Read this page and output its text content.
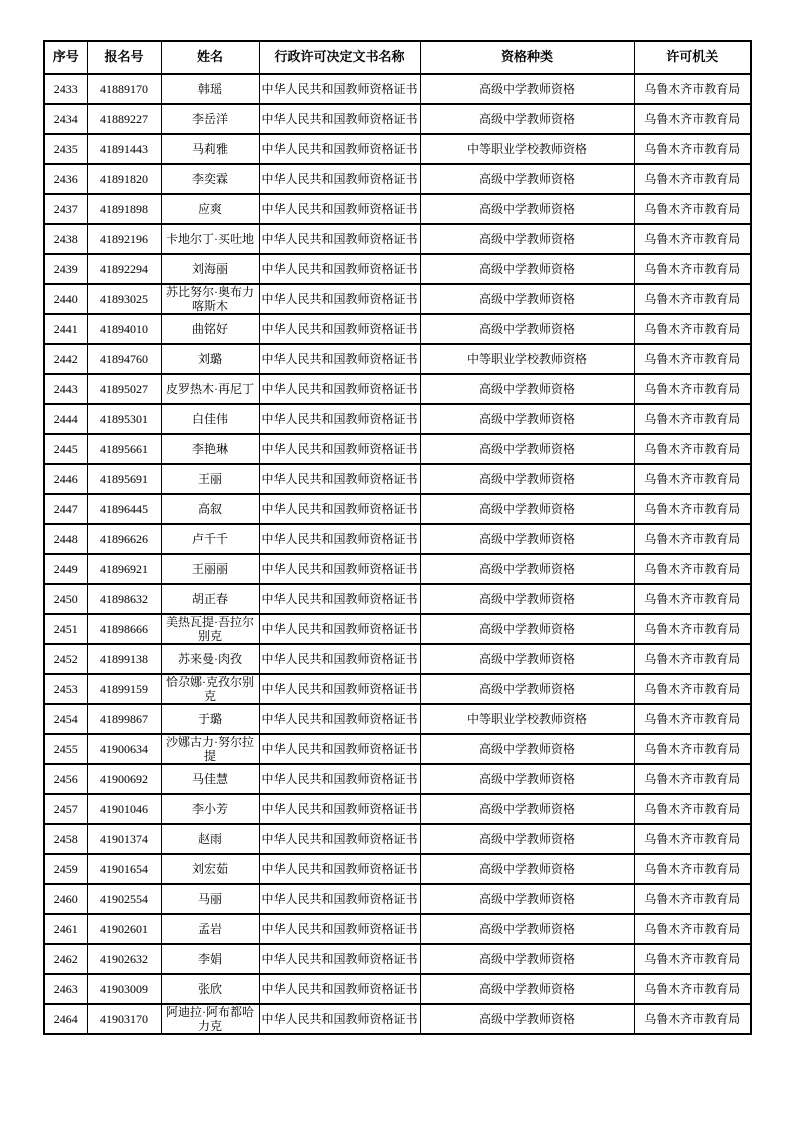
序号	报名号	姓名	行政许可决定文书名称	资格种类	许可机关
2433	41889170	韩瑶	中华人民共和国教师资格证书	高级中学教师资格	乌鲁木齐市教育局
2434	41889227	李岳洋	中华人民共和国教师资格证书	高级中学教师资格	乌鲁木齐市教育局
2435	41891443	马莉雅	中华人民共和国教师资格证书	中等职业学校教师资格	乌鲁木齐市教育局
2436	41891820	李奕霖	中华人民共和国教师资格证书	高级中学教师资格	乌鲁木齐市教育局
2437	41891898	应爽	中华人民共和国教师资格证书	高级中学教师资格	乌鲁木齐市教育局
2438	41892196	卡地尔丁·买吐地	中华人民共和国教师资格证书	高级中学教师资格	乌鲁木齐市教育局
2439	41892294	刘海丽	中华人民共和国教师资格证书	高级中学教师资格	乌鲁木齐市教育局
2440	41893025	苏比努尔·奥布力喀斯木	中华人民共和国教师资格证书	高级中学教师资格	乌鲁木齐市教育局
2441	41894010	曲铭好	中华人民共和国教师资格证书	高级中学教师资格	乌鲁木齐市教育局
2442	41894760	刘璐	中华人民共和国教师资格证书	中等职业学校教师资格	乌鲁木齐市教育局
2443	41895027	皮罗热木·再尼丁	中华人民共和国教师资格证书	高级中学教师资格	乌鲁木齐市教育局
2444	41895301	白佳伟	中华人民共和国教师资格证书	高级中学教师资格	乌鲁木齐市教育局
2445	41895661	李艳琳	中华人民共和国教师资格证书	高级中学教师资格	乌鲁木齐市教育局
2446	41895691	王丽	中华人民共和国教师资格证书	高级中学教师资格	乌鲁木齐市教育局
2447	41896445	高叙	中华人民共和国教师资格证书	高级中学教师资格	乌鲁木齐市教育局
2448	41896626	卢千千	中华人民共和国教师资格证书	高级中学教师资格	乌鲁木齐市教育局
2449	41896921	王丽丽	中华人民共和国教师资格证书	高级中学教师资格	乌鲁木齐市教育局
2450	41898632	胡正春	中华人民共和国教师资格证书	高级中学教师资格	乌鲁木齐市教育局
2451	41898666	美热瓦提·吾拉尔别克	中华人民共和国教师资格证书	高级中学教师资格	乌鲁木齐市教育局
2452	41899138	苏来曼·肉孜	中华人民共和国教师资格证书	高级中学教师资格	乌鲁木齐市教育局
2453	41899159	恰尕娜·克孜尔别克	中华人民共和国教师资格证书	高级中学教师资格	乌鲁木齐市教育局
2454	41899867	于璐	中华人民共和国教师资格证书	中等职业学校教师资格	乌鲁木齐市教育局
2455	41900634	沙娜古力·努尔拉提	中华人民共和国教师资格证书	高级中学教师资格	乌鲁木齐市教育局
2456	41900692	马佳慧	中华人民共和国教师资格证书	高级中学教师资格	乌鲁木齐市教育局
2457	41901046	李小芳	中华人民共和国教师资格证书	高级中学教师资格	乌鲁木齐市教育局
2458	41901374	赵雨	中华人民共和国教师资格证书	高级中学教师资格	乌鲁木齐市教育局
2459	41901654	刘宏茹	中华人民共和国教师资格证书	高级中学教师资格	乌鲁木齐市教育局
2460	41902554	马丽	中华人民共和国教师资格证书	高级中学教师资格	乌鲁木齐市教育局
2461	41902601	孟岩	中华人民共和国教师资格证书	高级中学教师资格	乌鲁木齐市教育局
2462	41902632	李娟	中华人民共和国教师资格证书	高级中学教师资格	乌鲁木齐市教育局
2463	41903009	张欣	中华人民共和国教师资格证书	高级中学教师资格	乌鲁木齐市教育局
2464	41903170	阿迪拉·阿布都哈力克	中华人民共和国教师资格证书	高级中学教师资格	乌鲁木齐市教育局
